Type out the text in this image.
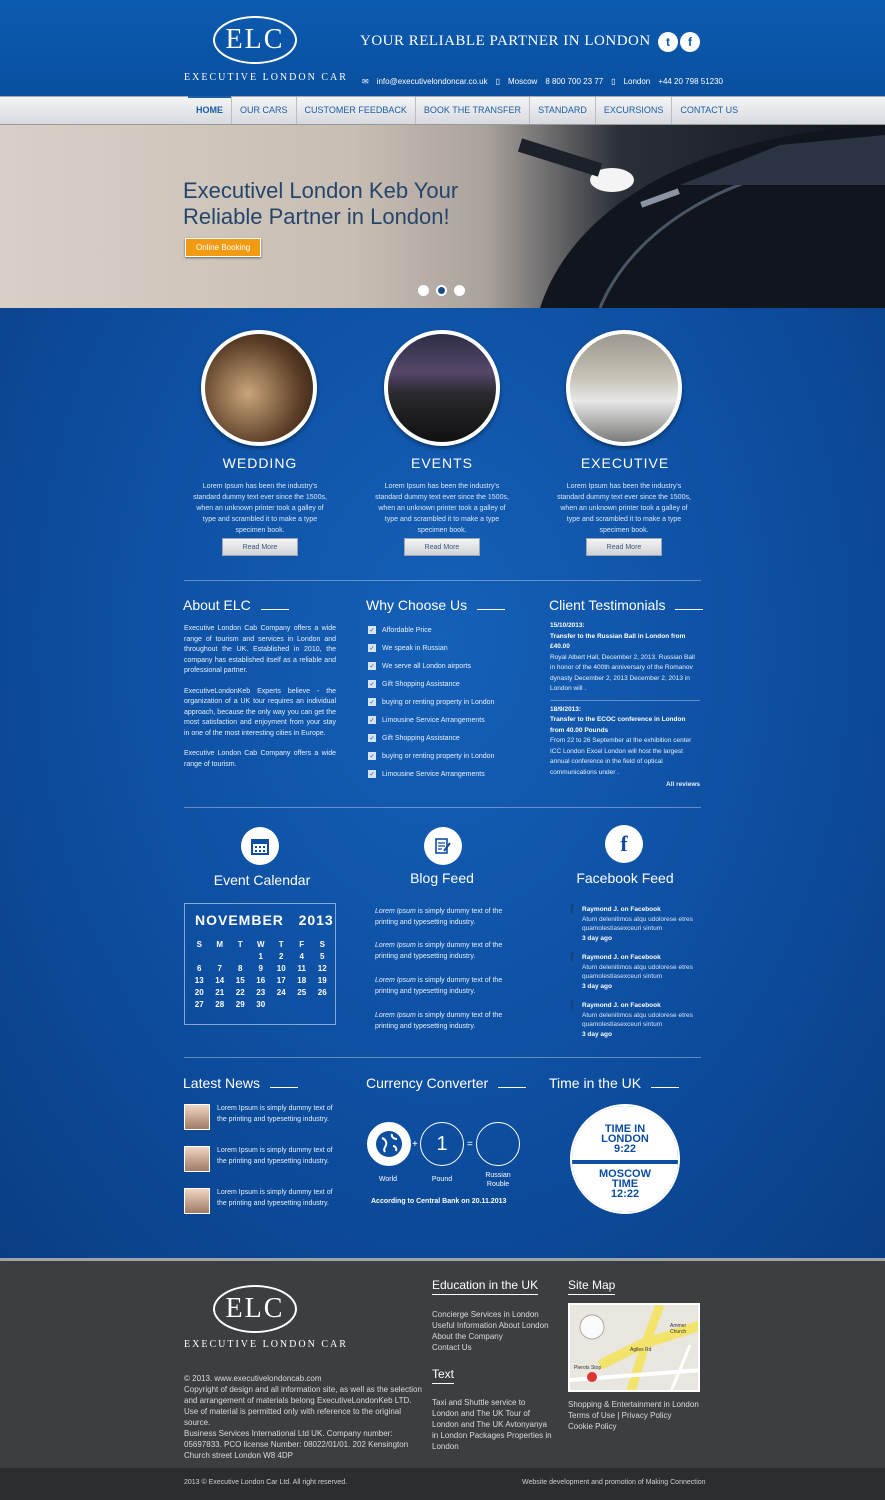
ELC
EXECUTIVE LONDON CAR
YOUR RELIABLE PARTNER IN LONDON	t	f
✉ info@executivelondoncar.co.uk ▯ Moscow 8 800 700 23 77 ▯ London +44 20 798 51230
HOME	OUR CARS	CUSTOMER FEEDBACK	BOOK THE TRANSFER	STANDARD	EXCURSIONS	CONTACT US
Executivel London Keb Your
Reliable Partner in London!
Online Booking
WEDDING	EVENTS	EXECUTIVE
Lorem Ipsum has been the industry's standard dummy text ever since the 1500s, when an unknown printer took a galley of type and scrambled it to make a type specimen book.
Lorem Ipsum has been the industry's standard dummy text ever since the 1500s, when an unknown printer took a galley of type and scrambled it to make a type specimen book.
Lorem Ipsum has been the industry's standard dummy text ever since the 1500s, when an unknown printer took a galley of type and scrambled it to make a type specimen book.
Read More	Read More	Read More
About ELC

Executive London Cab Company offers a wide range of tourism and services in London and throughout the UK. Established in 2010, the company has established itself as a reliable and professional partner.

ExecutiveLondonKeb Experts believe - the organization of a UK tour requires an individual approach, because the only way you can get the most satisfaction and enjoyment from your stay in one of the most interesting cities in Europe.

Executive London Cab Company offers a wide range of tourism.

Why Choose Us
✓ Affordable Price
✓ We speak in Russian
✓ We serve all London airports
✓ Gift Shopping Assistance
✓ buying or renting property in London
✓ Limousine Service Arrangements
✓ Gift Shopping Assistance
✓ buying or renting property in London
✓ Limousine Service Arrangements
Client Testimonials
15/10/2013:
Transfer to the Russian Ball in London from £40.00
Royal Albert Hall, December 2, 2013. Russian Ball in honor of the 400th anniversary of the Romanov dynasty December 2, 2013 December 2, 2013 in London will .
18/9/2013:
Transfer to the ECOC conference in London from 40.00 Pounds
From 22 to 26 September at the exhibition center ICC London Excel London will host the largest annual conference in the field of optical communications under .
All reviews
Event Calendar
NOVEMBER 2013
S	M	T	W	T	F	S
			1	2	4	5
6	7	8	9	10	11	12
13	14	15	16	17	18	19
20	21	22	23	24	25	26
27	28	29	30			
Blog Feed
Lorem Ipsum is simply dummy text of the printing and typesetting industry.
Lorem Ipsum is simply dummy text of the printing and typesetting industry.
Lorem Ipsum is simply dummy text of the printing and typesetting industry.
Lorem Ipsum is simply dummy text of the printing and typesetting industry.
f
Facebook Feed
f Raymond J. on Facebook
Atum delenitimos atqu udolorese etres quamolestiasexceuri sintum
3 day ago
f Raymond J. on Facebook
Atum delenitimos atqu udolorese etres quamolestiasexceuri sintum
3 day ago
f Raymond J. on Facebook
Atum delenitimos atqu udolorese etres quamolestiasexceuri sintum
3 day ago
Latest News
Lorem Ipsum is simply dummy text of the printing and typesetting industry.
Lorem Ipsum is simply dummy text of the printing and typesetting industry.
Lorem Ipsum is simply dummy text of the printing and typesetting industry.
Currency Converter
+ 1	=
World	Pound
Russian Rouble
According to Central Bank on 20.11.2013
Time in the UK
TIME IN LONDON
9:22
MOSCOW TIME
12:22
ELC
EXECUTIVE LONDON CAR
© 2013. www.executivelondoncab.com
Copyright of design and all information site, as well as the selection and arrangement of materials belong ExecutiveLondonKeb LTD.
Use of material is permitted only with reference to the original source.
Business Services International Ltd UK. Company number: 05697833. PCO license Number: 08022/01/01. 202 Kensington Church street London W8 4DP
Education in the UK
Concierge Services in London
Useful Information About London
About the Company
Contact Us
Text
Taxi and Shuttle service to London and The UK Tour of London and The UK Avtonyanya in London Packages Properties in London
Site Map
Ammer Church
Agiles Rd
Pierots Stop
Shopping & Entertainment in London
Terms of Use | Privacy Policy
Cookie Policy
2013 © Executive London Car Ltd. All right reserved.	Website development and promotion of Making Connection
